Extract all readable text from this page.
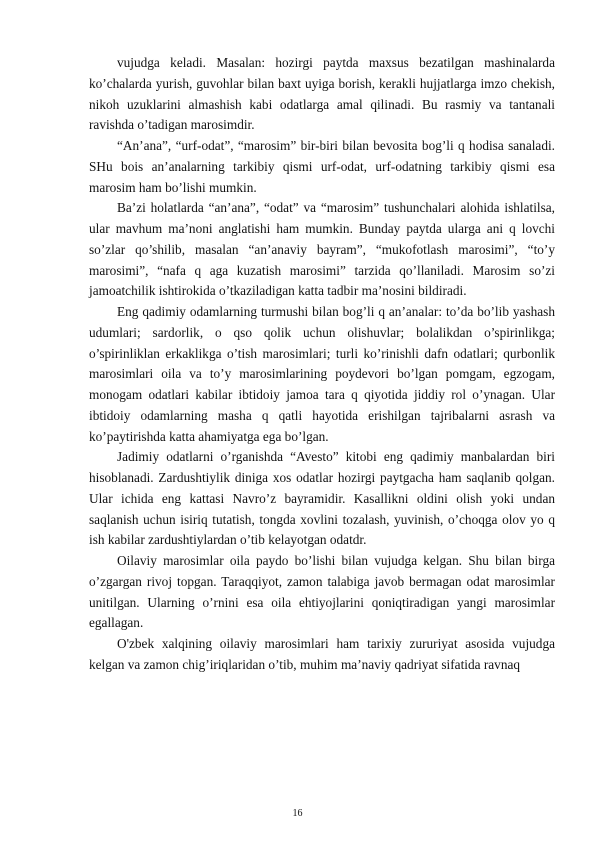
vujudga keladi. Masalan: hozirgi paytda maxsus bezatilgan mashinalarda ko’chalarda yurish, guvohlar bilan baxt uyiga borish, kerakli hujjatlarga imzo chekish, nikoh uzuklarini almashish kabi odatlarga amal qilinadi. Bu rasmiy va tantanali ravishda o’tadigan marosimdir.

“An’ana”, “urf-odat”, “marosim” bir-biri bilan bevosita bog’li q hodisa sanaladi. SHu bois an’analarning tarkibiy qismi urf-odat, urf-odatning tarkibiy qismi esa marosim ham bo’lishi mumkin.

Ba’zi holatlarda “an’ana”, “odat” va “marosim” tushunchalari alohida ishlatilsa, ular mavhum ma’noni anglatishi ham mumkin. Bunday paytda ularga ani q lovchi so’zlar qo’shilib, masalan “an’anaviy bayram”, “mukofotlash marosimi”, “to’y marosimi”, “nafa q aga kuzatish marosimi” tarzida qo’llaniladi. Marosim so’zi jamoatchilik ishtirokida o’tkaziladigan katta tadbir ma’nosini bildiradi.

Eng qadimiy odamlarning turmushi bilan bog’li q an’analar: to’da bo’lib yashash udumlari; sardorlik, o qso qolik uchun olishuvlar; bolalikdan o’spirinlikga; o’spirinliklan erkaklikga o’tish marosimlari; turli ko’rinishli dafn odatlari; qurbonlik marosimlari oila va to’y marosimlarining poydevori bo’lgan pomgam, egzogam, monogam odatlari kabilar ibtidoiy jamoa tara q qiyotida jiddiy rol o’ynagan. Ular ibtidoiy odamlarning masha q qatli hayotida erishilgan tajribalarni asrash va ko’paytirishda katta ahamiyatga ega bo’lgan.

Jadimiy odatlarni o’rganishda “Avesto” kitobi eng qadimiy manbalardan biri hisoblanadi. Zardushtiylik diniga xos odatlar hozirgi paytgacha ham saqlanib qolgan. Ular ichida eng kattasi Navro’z bayramidir. Kasallikni oldini olish yoki undan saqlanish uchun isiriq tutatish, tongda xovlini tozalash, yuvinish, o’choqga olov yo q ish kabilar zardushtiylardan o’tib kelayotgan odatdr.

Oilaviy marosimlar oila paydo bo’lishi bilan vujudga kelgan. Shu bilan birga o’zgargan rivoj topgan. Taraqqiyot, zamon talabiga javob bermagan odat marosimlar unitilgan. Ularning o’rnini esa oila ehtiyojlarini qoniqtiradigan yangi marosimlar egallagan.

O'zbek xalqining oilaviy marosimlari ham tarixiy zururiyat asosida vujudga kelgan va zamon chig’iriqlaridan o’tib, muhim ma’naviy qadriyat sifatida ravnaq

16
